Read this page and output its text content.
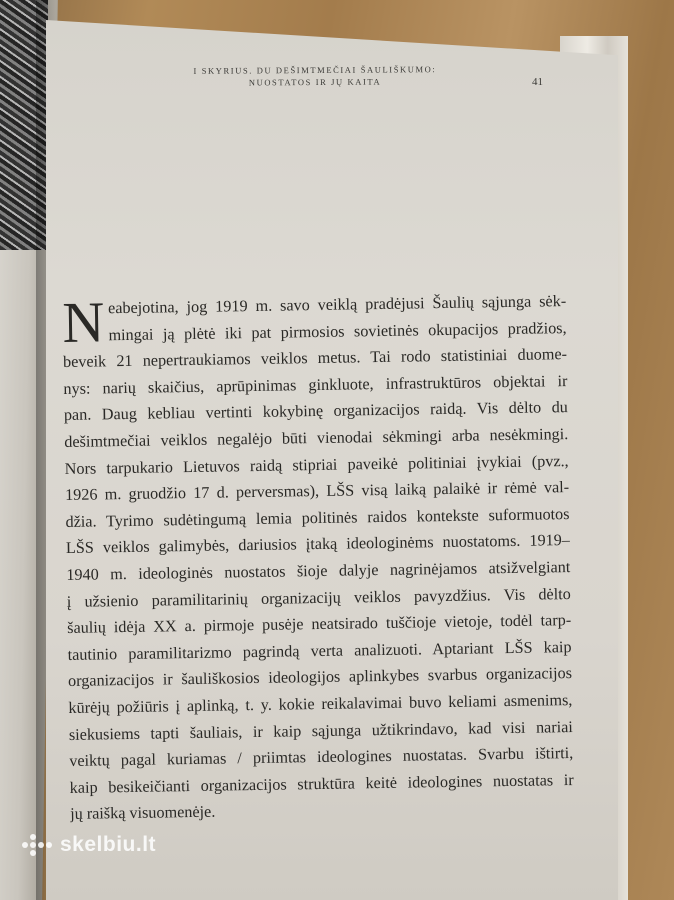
I SKYRIUS. DU DEŠIMTMEČIAI ŠAULIŠKUMO:
NUOSTATOS IR JŲ KAITA	41
N eabejotina, jog 1919 m. savo veiklą pradėjusi Šaulių sąjunga sėk-
mingai ją plėtė iki pat pirmosios sovietinės okupacijos pradžios,
beveik 21 nepertraukiamos veiklos metus. Tai rodo statistiniai duome-
nys: narių skaičius, aprūpinimas ginkluote, infrastruktūros objektai ir
pan. Daug kebliau vertinti kokybinę organizacijos raidą. Vis dėlto du
dešimtmečiai veiklos negalėjo būti vienodai sėkmingi arba nesėkmingi.
Nors tarpukario Lietuvos raidą stipriai paveikė politiniai įvykiai (pvz.,
1926 m. gruodžio 17 d. perversmas), LŠS visą laiką palaikė ir rėmė val-
džia. Tyrimo sudėtingumą lemia politinės raidos kontekste suformuotos
LŠS veiklos galimybės, dariusios įtaką ideologinėms nuostatoms. 1919–
1940 m. ideologinės nuostatos šioje dalyje nagrinėjamos atsižvelgiant
į užsienio paramilitarinių organizacijų veiklos pavyzdžius. Vis dėlto
šaulių idėja XX a. pirmoje pusėje neatsirado tuščioje vietoje, todėl tarp-
tautinio paramilitarizmo pagrindą verta analizuoti. Aptariant LŠS kaip
organizacijos ir šauliškosios ideologijos aplinkybes svarbus organizacijos
kūrėjų požiūris į aplinką, t. y. kokie reikalavimai buvo keliami asmenims,
siekusiems tapti šauliais, ir kaip sąjunga užtikrindavo, kad visi nariai
veiktų pagal kuriamas / priimtas ideologines nuostatas. Svarbu ištirti,
kaip besikeičianti organizacijos struktūra keitė ideologines nuostatas ir
jų raišką visuomenėje.
skelbiu.lt
